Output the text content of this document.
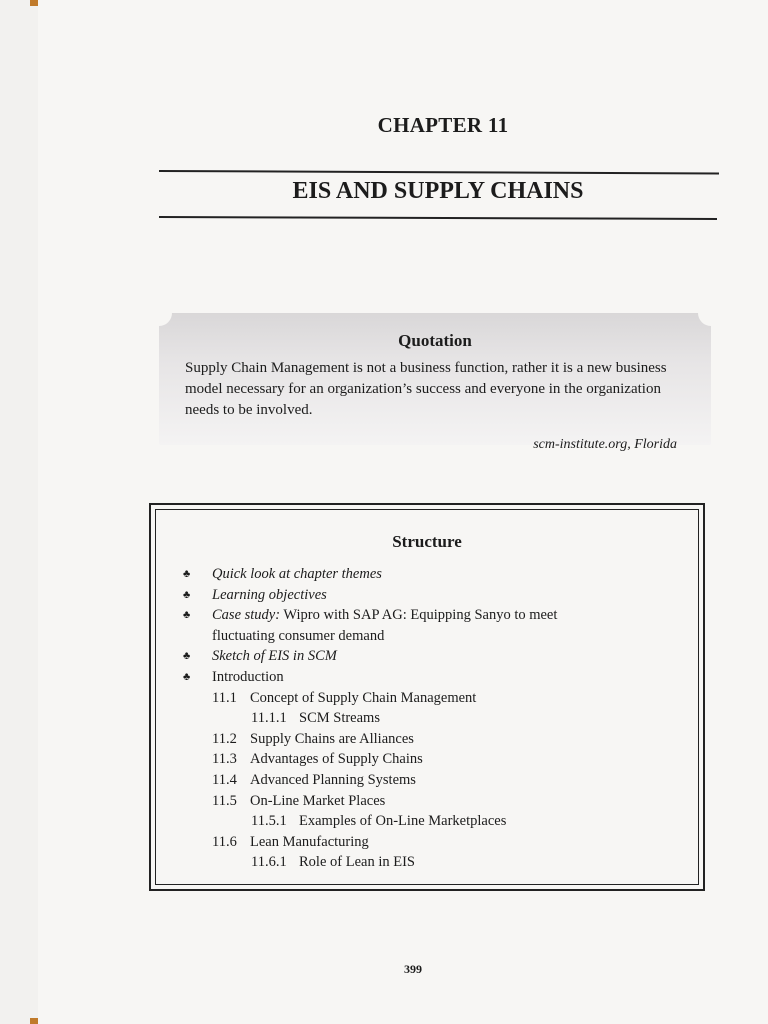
CHAPTER 11
EIS AND SUPPLY CHAINS
Quotation
Supply Chain Management is not a business function, rather it is a new business model necessary for an organization’s success and everyone in the organization needs to be involved.
scm-institute.org, Florida
Structure
♣ Quick look at chapter themes
♣ Learning objectives
♣ Case study: Wipro with SAP AG: Equipping Sanyo to meet
fluctuating consumer demand
♣ Sketch of EIS in SCM
♣ Introduction
11.1 Concept of Supply Chain Management
11.1.1 SCM Streams
11.2 Supply Chains are Alliances
11.3 Advantages of Supply Chains
11.4 Advanced Planning Systems
11.5 On-Line Market Places
11.5.1 Examples of On-Line Marketplaces
11.6 Lean Manufacturing
11.6.1 Role of Lean in EIS
399
